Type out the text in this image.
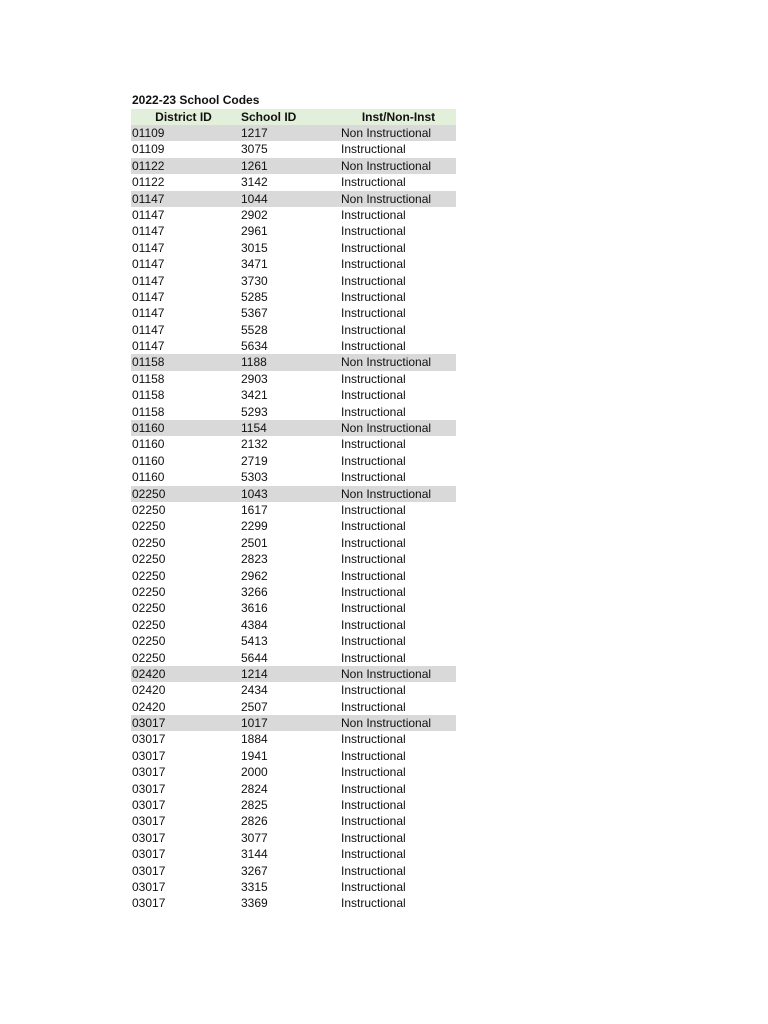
2022-23 School Codes
District ID	School ID	Inst/Non-Inst
01109	1217	Non Instructional
01109	3075	Instructional
01122	1261	Non Instructional
01122	3142	Instructional
01147	1044	Non Instructional
01147	2902	Instructional
01147	2961	Instructional
01147	3015	Instructional
01147	3471	Instructional
01147	3730	Instructional
01147	5285	Instructional
01147	5367	Instructional
01147	5528	Instructional
01147	5634	Instructional
01158	1188	Non Instructional
01158	2903	Instructional
01158	3421	Instructional
01158	5293	Instructional
01160	1154	Non Instructional
01160	2132	Instructional
01160	2719	Instructional
01160	5303	Instructional
02250	1043	Non Instructional
02250	1617	Instructional
02250	2299	Instructional
02250	2501	Instructional
02250	2823	Instructional
02250	2962	Instructional
02250	3266	Instructional
02250	3616	Instructional
02250	4384	Instructional
02250	5413	Instructional
02250	5644	Instructional
02420	1214	Non Instructional
02420	2434	Instructional
02420	2507	Instructional
03017	1017	Non Instructional
03017	1884	Instructional
03017	1941	Instructional
03017	2000	Instructional
03017	2824	Instructional
03017	2825	Instructional
03017	2826	Instructional
03017	3077	Instructional
03017	3144	Instructional
03017	3267	Instructional
03017	3315	Instructional
03017	3369	Instructional
